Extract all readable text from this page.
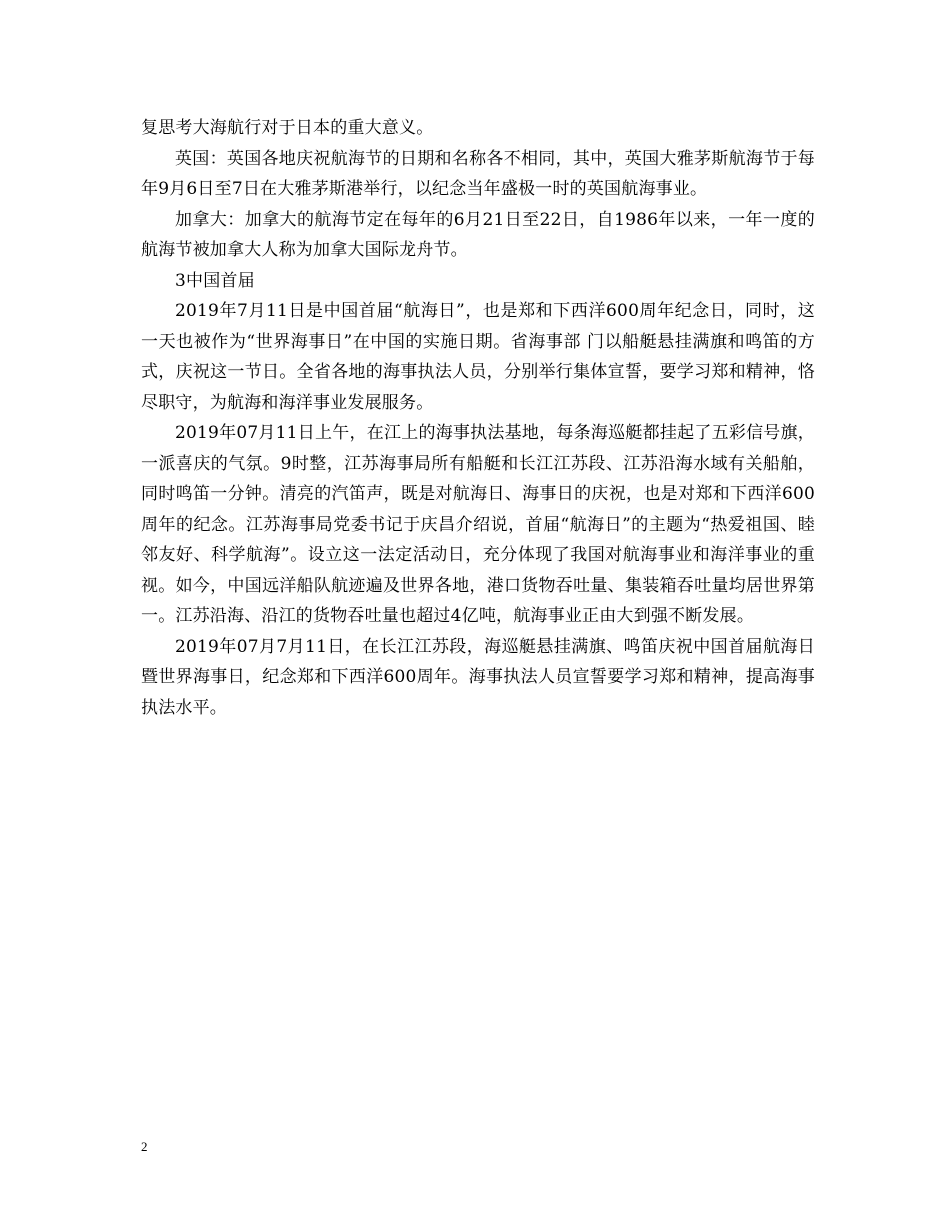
复思考大海航行对于日本的重大意义。

英国：英国各地庆祝航海节的日期和名称各不相同，其中，英国大雅茅斯航海节于每年9月6日至7日在大雅茅斯港举行，以纪念当年盛极一时的英国航海事业。

加拿大：加拿大的航海节定在每年的6月21日至22日，自1986年以来，一年一度的航海节被加拿大人称为加拿大国际龙舟节。

3中国首届

2019年7月11日是中国首届“航海日”，也是郑和下西洋600周年纪念日，同时，这一天也被作为“世界海事日”在中国的实施日期。省海事部 门以船艇悬挂满旗和鸣笛的方式，庆祝这一节日。全省各地的海事执法人员，分别举行集体宣誓，要学习郑和精神，恪尽职守，为航海和海洋事业发展服务。

2019年07月11日上午，在江上的海事执法基地，每条海巡艇都挂起了五彩信号旗，一派喜庆的气氛。9时整，江苏海事局所有船艇和长江江苏段、江苏沿海水域有关船舶，同时鸣笛一分钟。清亮的汽笛声，既是对航海日、海事日的庆祝，也是对郑和下西洋600周年的纪念。江苏海事局党委书记于庆昌介绍说，首届“航海日”的主题为“热爱祖国、睦邻友好、科学航海”。设立这一法定活动日，充分体现了我国对航海事业和海洋事业的重视。如今，中国远洋船队航迹遍及世界各地，港口货物吞吐量、集装箱吞吐量均居世界第一。江苏沿海、沿江的货物吞吐量也超过4亿吨，航海事业正由大到强不断发展。

2019年07月7月11日，在长江江苏段，海巡艇悬挂满旗、鸣笛庆祝中国首届航海日暨世界海事日，纪念郑和下西洋600周年。海事执法人员宣誓要学习郑和精神，提高海事执法水平。

2
